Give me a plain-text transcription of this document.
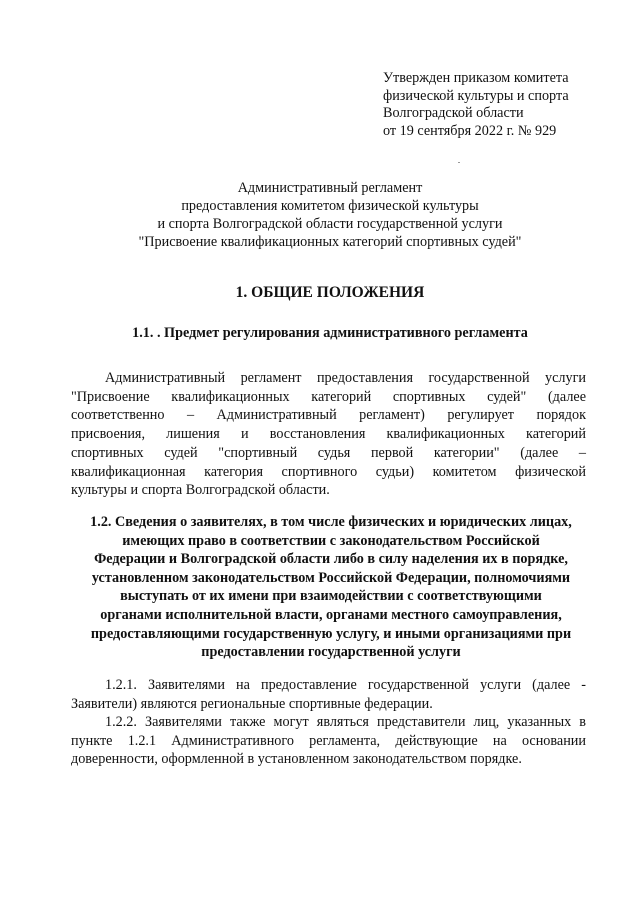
Утвержден приказом комитета
физической культуры и спорта
Волгоградской области
от 19 сентября 2022 г. № 929
Административный регламент
предоставления комитетом физической культуры
и спорта Волгоградской области государственной услуги
"Присвоение квалификационных категорий спортивных судей"
1. ОБЩИЕ ПОЛОЖЕНИЯ
1.1. . Предмет регулирования административного регламента
Административный регламент предоставления государственной услуги
"Присвоение квалификационных категорий спортивных судей" (далее
соответственно – Административный регламент) регулирует порядок
присвоения, лишения и восстановления квалификационных категорий
спортивных судей "спортивный судья первой категории" (далее –
квалификационная категория спортивного судьи) комитетом физической
культуры и спорта Волгоградской области.
1.2. Сведения о заявителях, в том числе физических и юридических лицах,
имеющих право в соответствии с законодательством Российской
Федерации и Волгоградской области либо в силу наделения их в порядке,
установленном законодательством Российской Федерации, полномочиями
выступать от их имени при взаимодействии с соответствующими
органами исполнительной власти, органами местного самоуправления,
предоставляющими государственную услугу, и иными организациями при
предоставлении государственной услуги
1.2.1. Заявителями на предоставление государственной услуги (далее -
Заявители) являются региональные спортивные федерации.
1.2.2. Заявителями также могут являться представители лиц, указанных в
пункте 1.2.1 Административного регламента, действующие на основании
доверенности, оформленной в установленном законодательством порядке.
